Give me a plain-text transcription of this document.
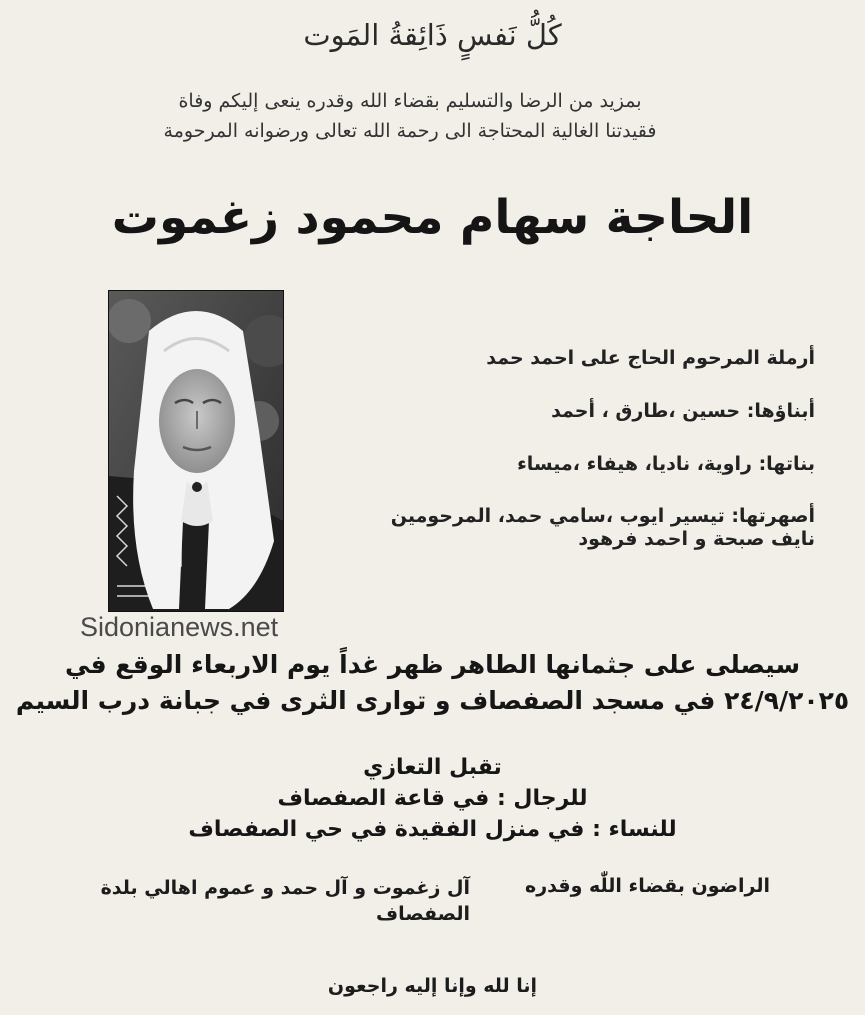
كُلُّ نَفسٍ ذَائِقةُ المَوت
بمزيد من الرضا والتسليم بقضاء الله وقدره ينعى إليكم وفاة
فقيدتنا الغالية المحتاجة الى رحمة الله تعالى ورضوانه المرحومة
الحاجة سهام محمود زغموت
أرملة المرحوم الحاج على احمد حمد
أبناؤها: حسين ،طارق ، أحمد
بناتها: راوية، ناديا، هيفاء ،ميساء
أصهرتها: تيسير ايوب ،سامي حمد، المرحومين
نايف صبحة و احمد فرهود
Sidonianews.net
سيصلى على جثمانها الطاهر ظهر غداً يوم الاربعاء الوقع في
٢٤/٩/٢٠٢٥ في مسجد الصفصاف و توارى الثرى في جبانة درب السيم
تقبل التعازي
للرجال : في قاعة الصفصاف
للنساء : في منزل الفقيدة في حي الصفصاف
الراضون بقضاء اللّٰه وقدره
آل زغموت و آل حمد و عموم اهالي بلدة
الصفصاف
إنا لله وإنا إليه راجعون
